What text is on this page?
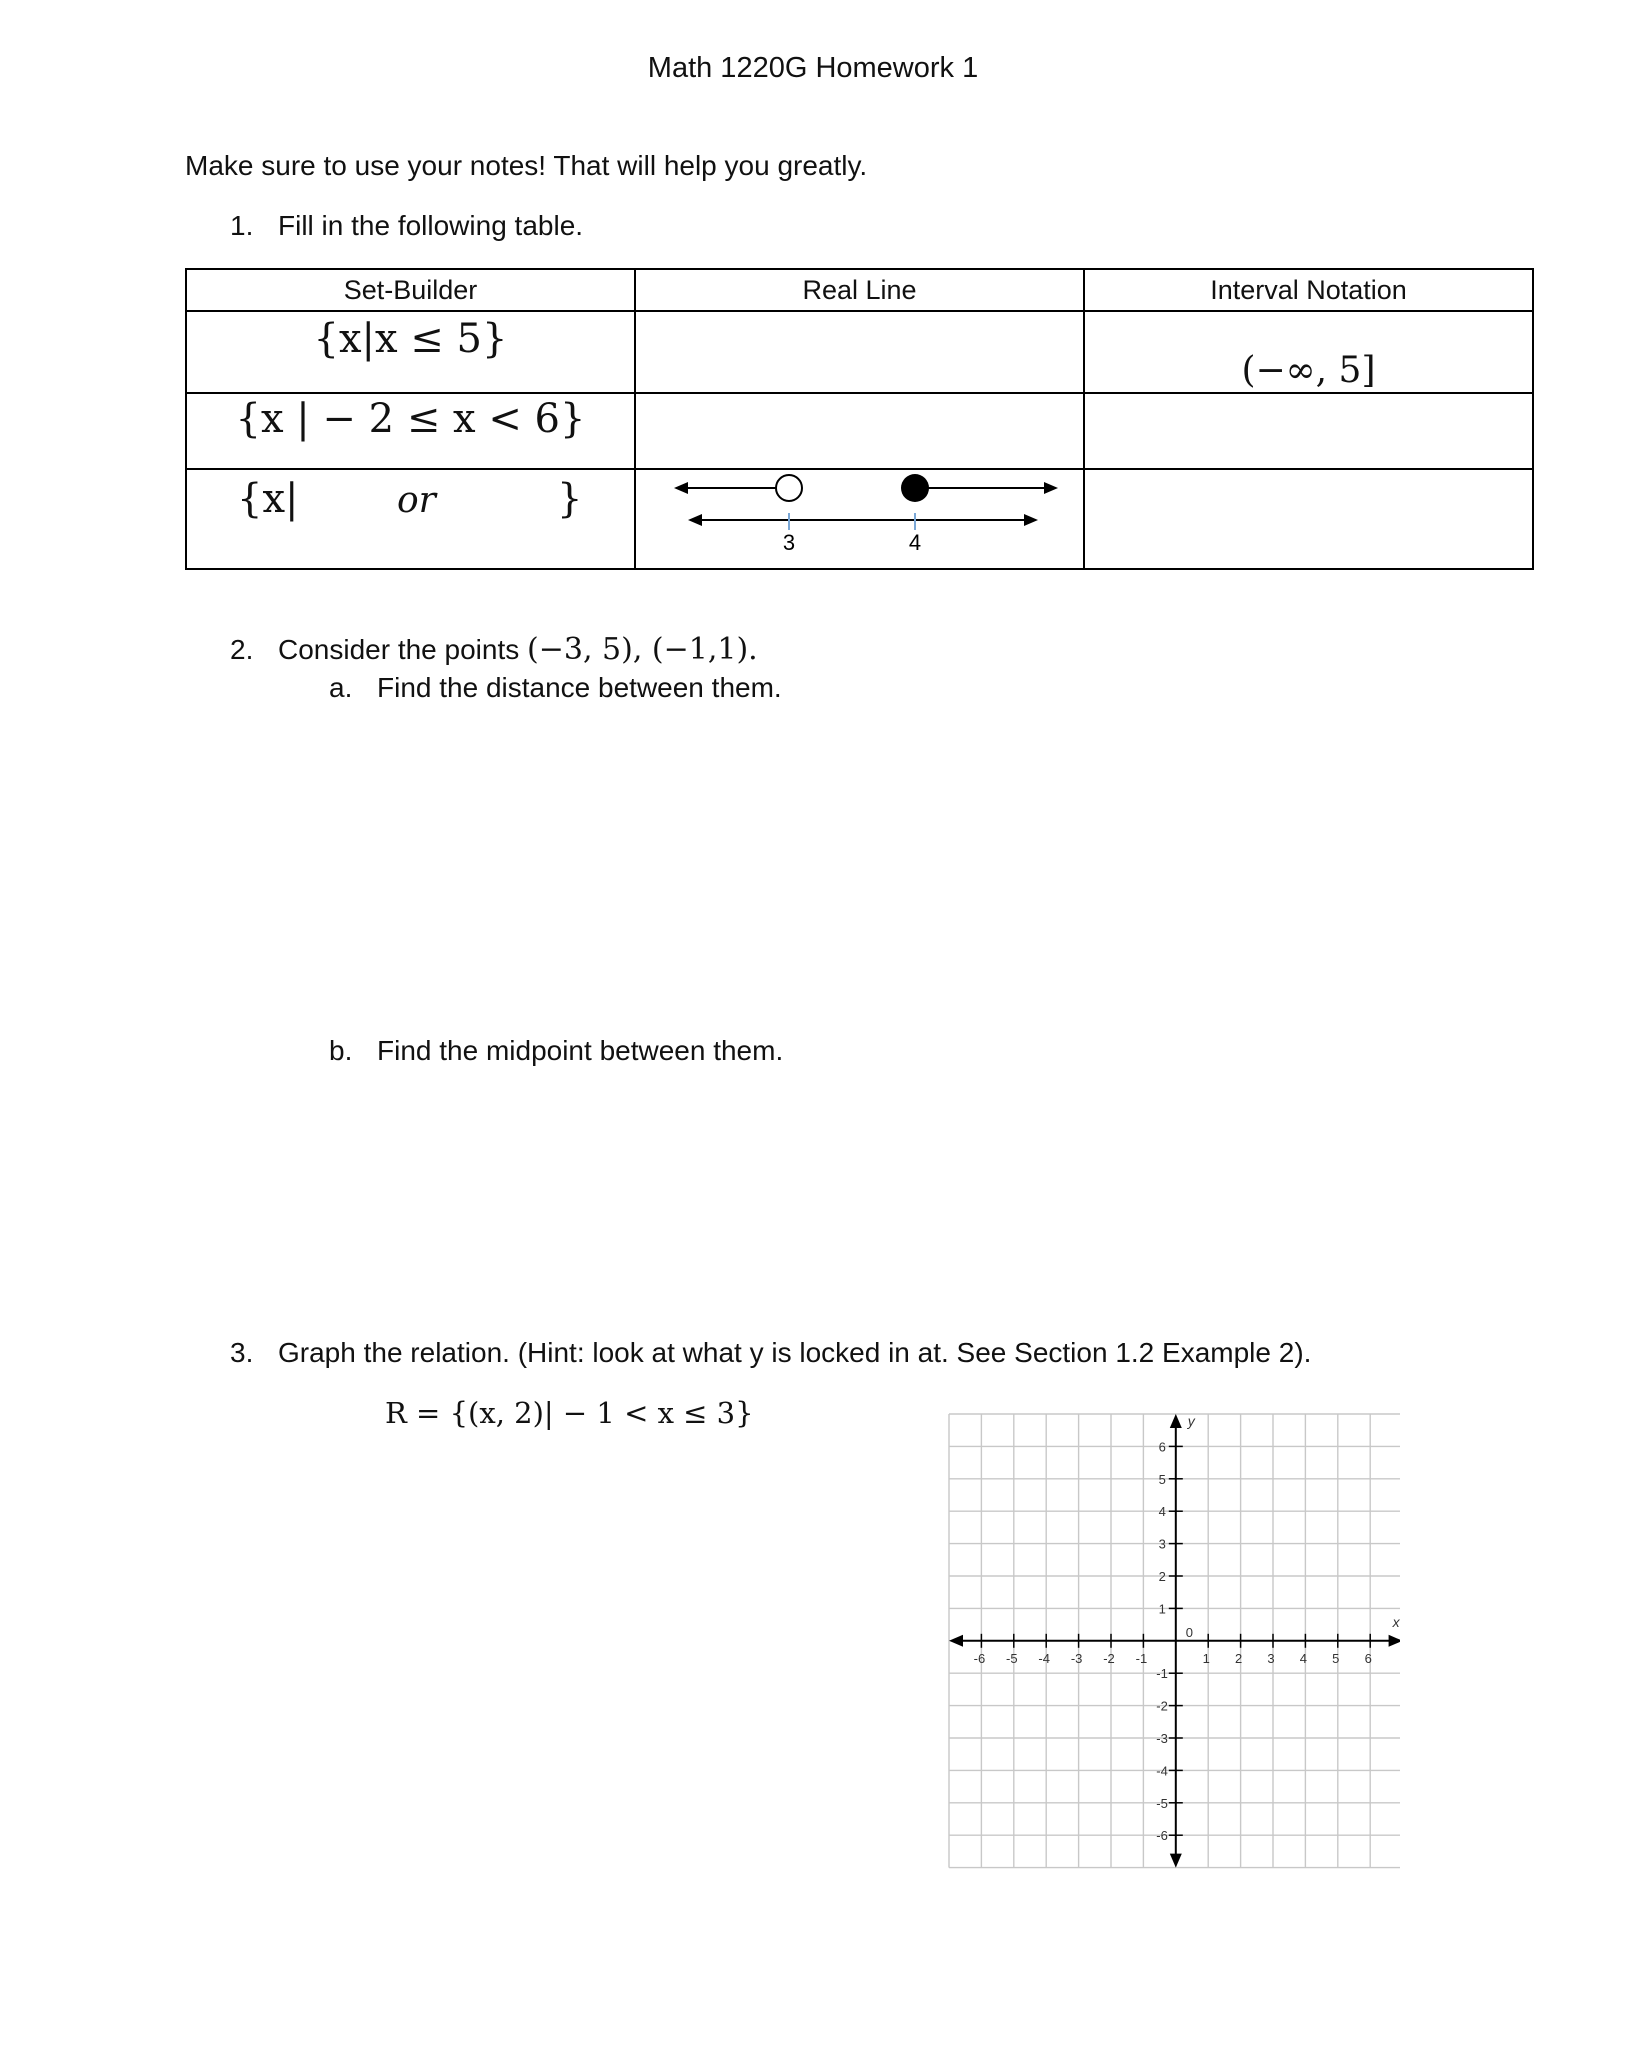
Math 1220G Homework 1
Make sure to use your notes! That will help you greatly.
1. Fill in the following table.
Set-Builder	Real Line	Interval Notation

{x|x ≤ 5}		(−∞, 5]

{x | − 2 ≤ x < 6}		

{x| or }	3 4	

2. Consider the points (−3, 5), (−1,1).
a. Find the distance between them.
b. Find the midpoint between them.
3. Graph the relation. (Hint: look at what y is locked in at. See Section 1.2 Example 2).
R = {(x, 2)| − 1 < x ≤ 3}
-6 -5 -4 -3 -2 -1	1 2 3 4 5 6
6
5
4
3
2
1
-1
-2
-3
-4
-5
-6
0
x
y
